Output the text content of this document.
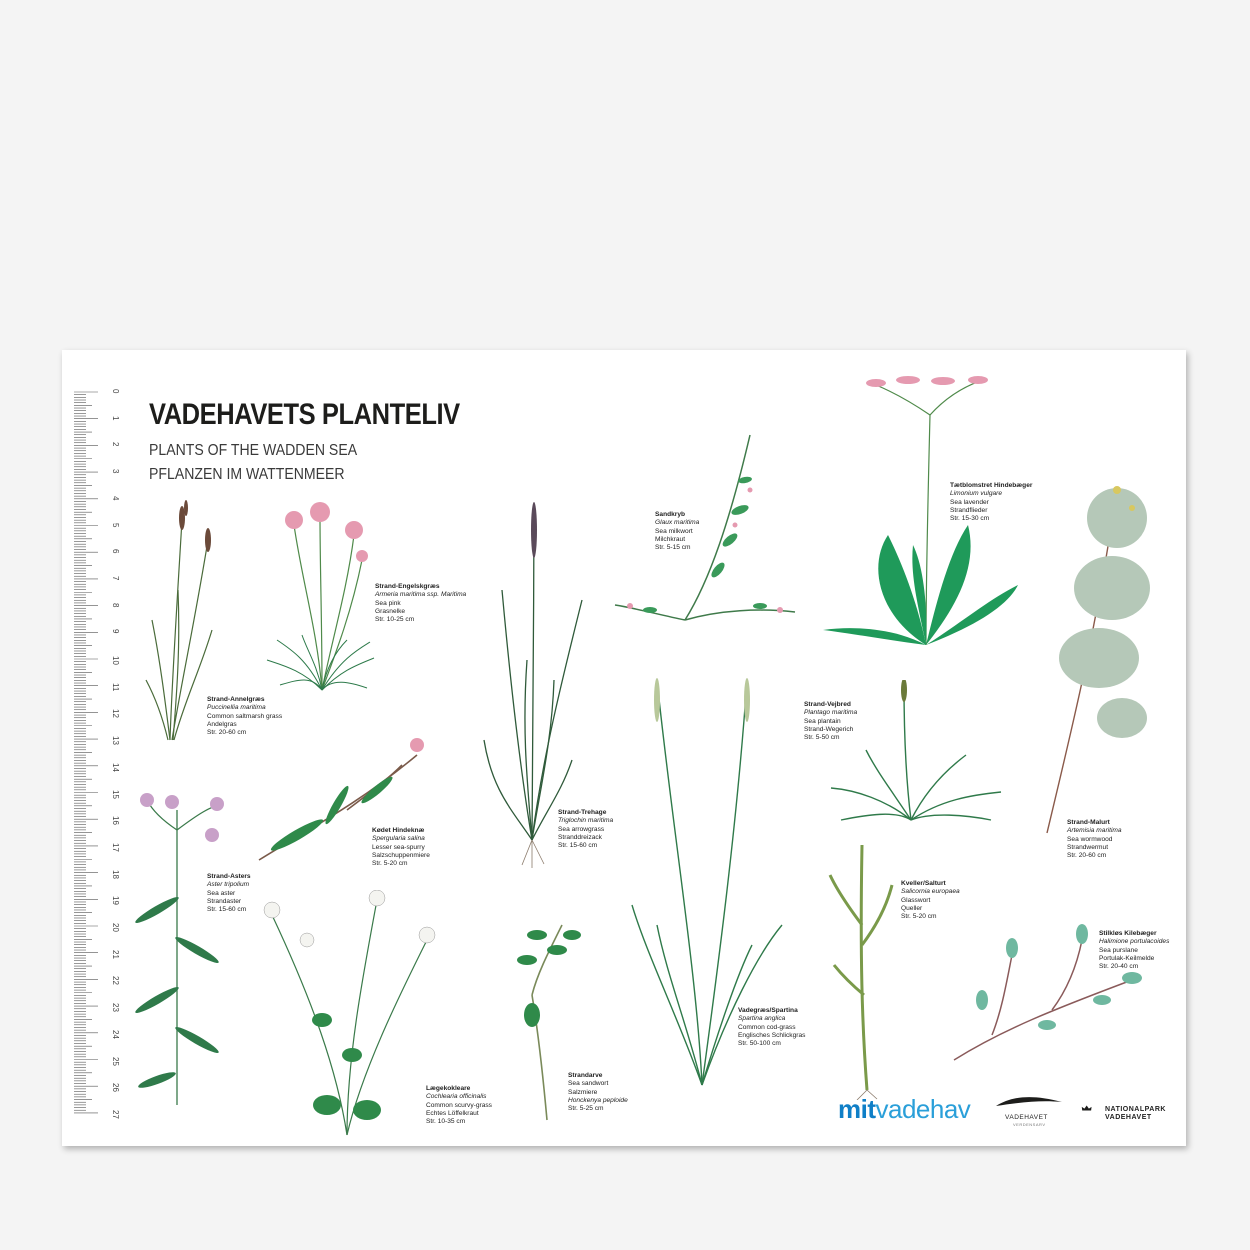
0
1
2
3
4
5
6
7
8
9
10
11
12
13
14
15
16
17
18
19
20
21
22
23
24
25
26
27
VADEHAVETS PLANTELIV
PLANTS OF THE WADDEN SEA
PFLANZEN IM WATTENMEER
Strand-Annelgræs
Puccinellia maritima
Common saltmarsh grass
Andelgras
Str. 20-60 cm
Strand-Engelskgræs
Armeria maritima ssp. Maritima
Sea pink
Grasnelke
Str. 10-25 cm
Strand-Trehage
Triglochin maritima
Sea arrowgrass
Stranddreizack
Str. 15-60 cm
Sandkryb
Glaux maritima
Sea milkwort
Milchkraut
Str. 5-15 cm
Tætblomstret Hindebæger
Limonium vulgare
Sea lavender
Strandflieder
Str. 15-30 cm
Strand-Vejbred
Plantago maritima
Sea plantain
Strand-Wegerich
Str. 5-50 cm
Strand-Malurt
Artemisia maritima
Sea wormwood
Strandwermut
Str. 20-60 cm
Kødet Hindeknæ
Spergularia salina
Lesser sea-spurry
Salzschuppenmiere
Str. 5-20 cm
Strand-Asters
Aster tripolium
Sea aster
Strandaster
Str. 15-60 cm
Lægekokleare
Cochlearia officinalis
Common scurvy-grass
Echtes Löffelkraut
Str. 10-35 cm
Strandarve
Sea sandwort
Salzmiere
Honckenya peploide
Str. 5-25 cm
Vadegræs/Spartina
Spartina anglica
Common cod-grass
Englisches Schlickgras
Str. 50-100 cm
Kveller/Salturt
Salicornia europaea
Glasswort
Queller
Str. 5-20 cm
Stilkløs Kilebæger
Halimione portulacoides
Sea purslane
Portulak-Keilmelde
Str. 20-40 cm
mitvadehav	VADEHAVET
VERDENSARV
NATIONALPARK
VADEHAVET
